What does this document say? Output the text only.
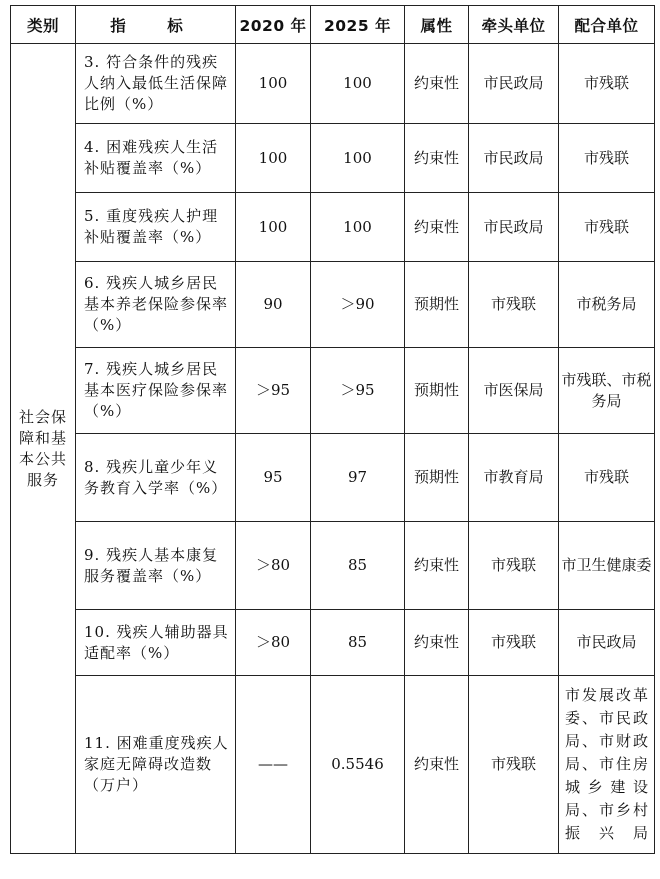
类别	指 标	2020 年	2025 年	属性	牵头单位	配合单位
社会保障和基本公共服务	3. 符合条件的残疾人纳入最低生活保障比例（%）	100	100	约束性	市民政局	市残联
	4. 困难残疾人生活补贴覆盖率（%）	100	100	约束性	市民政局	市残联
	5. 重度残疾人护理补贴覆盖率（%）	100	100	约束性	市民政局	市残联
	6. 残疾人城乡居民基本养老保险参保率（%）	90	＞90	预期性	市残联	市税务局
	7. 残疾人城乡居民基本医疗保险参保率（%）	＞95	＞95	预期性	市医保局	市残联、市税务局
	8. 残疾儿童少年义务教育入学率（%）	95	97	预期性	市教育局	市残联
	9. 残疾人基本康复服务覆盖率（%）	＞80	85	约束性	市残联	市卫生健康委
	10. 残疾人辅助器具适配率（%）	＞80	85	约束性	市残联	市民政局
	11. 困难重度残疾人家庭无障碍改造数（万户）	——	0.5546	约束性	市残联	市发展改革委、市民政局、市财政局、市住房城乡建设局、市乡村振兴局
